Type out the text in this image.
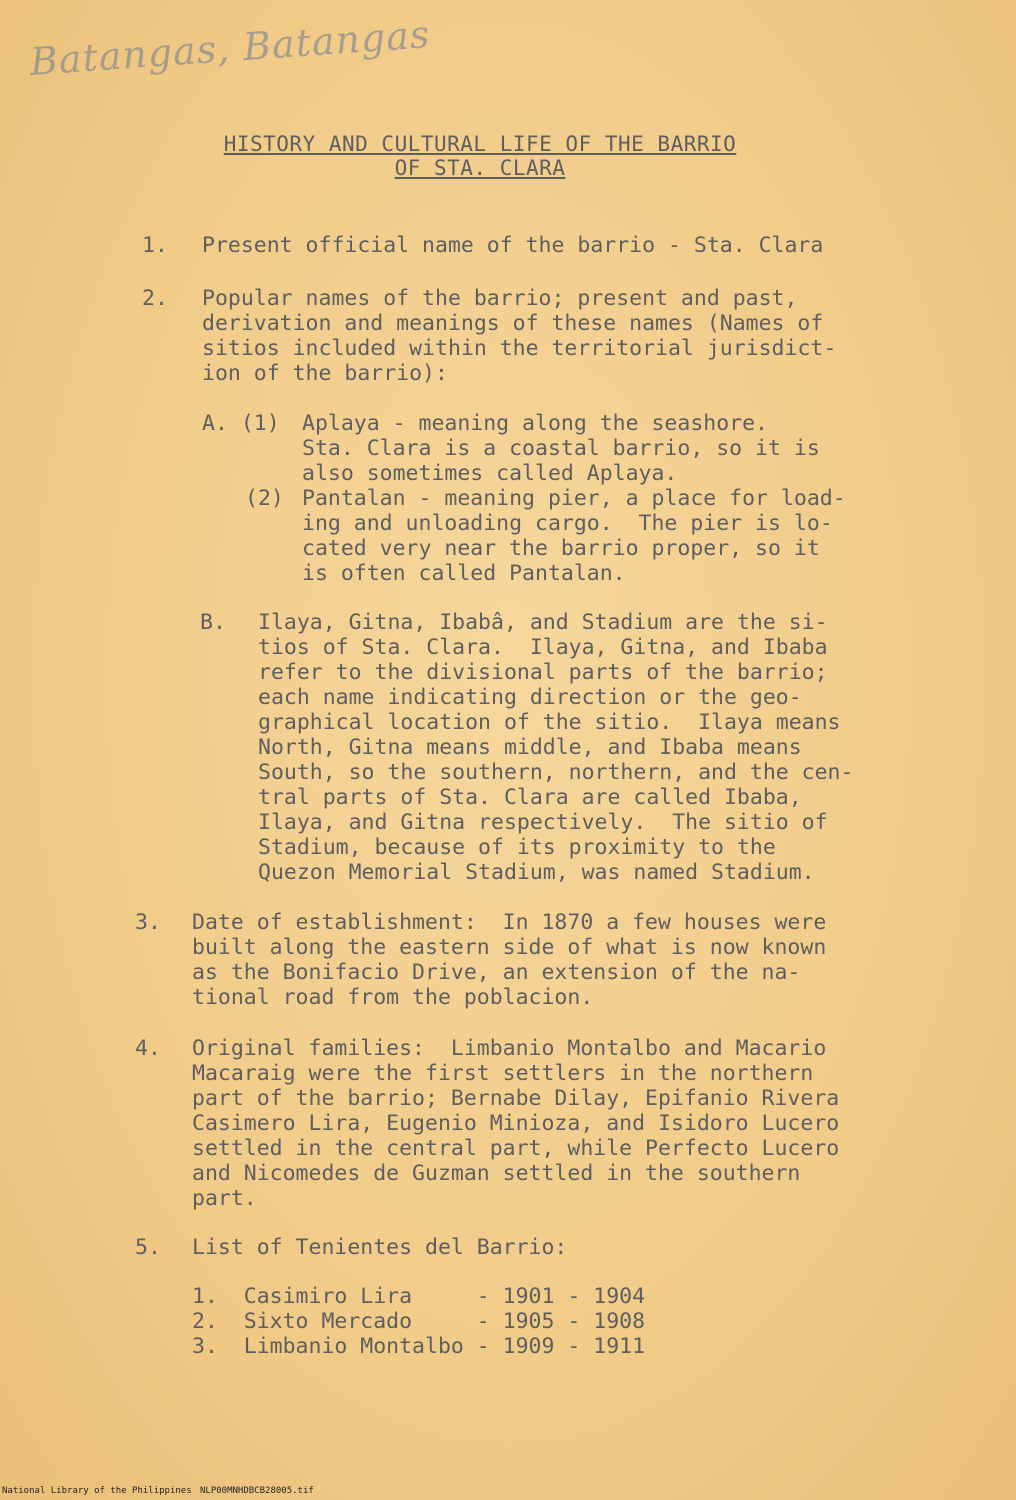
Batangas, Batangas
HISTORY AND CULTURAL LIFE OF THE BARRIO
OF STA. CLARA
1. Present official name of the barrio - Sta. Clara
2. Popular names of the barrio; present and past,
derivation and meanings of these names (Names of
sitios included within the territorial jurisdict-
ion of the barrio):
A. (1) Aplaya - meaning along the seashore.
Sta. Clara is a coastal barrio, so it is
also sometimes called Aplaya.
(2) Pantalan - meaning pier, a place for load-
ing and unloading cargo.  The pier is lo-
cated very near the barrio proper, so it
is often called Pantalan.
B. Ilaya, Gitna, Ibabâ, and Stadium are the si-
tios of Sta. Clara.  Ilaya, Gitna, and Ibaba
refer to the divisional parts of the barrio;
each name indicating direction or the geo-
graphical location of the sitio.  Ilaya means
North, Gitna means middle, and Ibaba means
South, so the southern, northern, and the cen-
tral parts of Sta. Clara are called Ibaba,
Ilaya, and Gitna respectively.  The sitio of
Stadium, because of its proximity to the
Quezon Memorial Stadium, was named Stadium.
3. Date of establishment:  In 1870 a few houses were
built along the eastern side of what is now known
as the Bonifacio Drive, an extension of the na-
tional road from the poblacion.
4. Original families:  Limbanio Montalbo and Macario
Macaraig were the first settlers in the northern
part of the barrio; Bernabe Dilay, Epifanio Rivera
Casimero Lira, Eugenio Minioza, and Isidoro Lucero
settled in the central part, while Perfecto Lucero
and Nicomedes de Guzman settled in the southern
part.
5. List of Tenientes del Barrio:
1.  Casimiro Lira     - 1901 - 1904
2.  Sixto Mercado     - 1905 - 1908
3.  Limbanio Montalbo - 1909 - 1911
National Library of the Philippines NLP00MNHDBCB28005.tif
